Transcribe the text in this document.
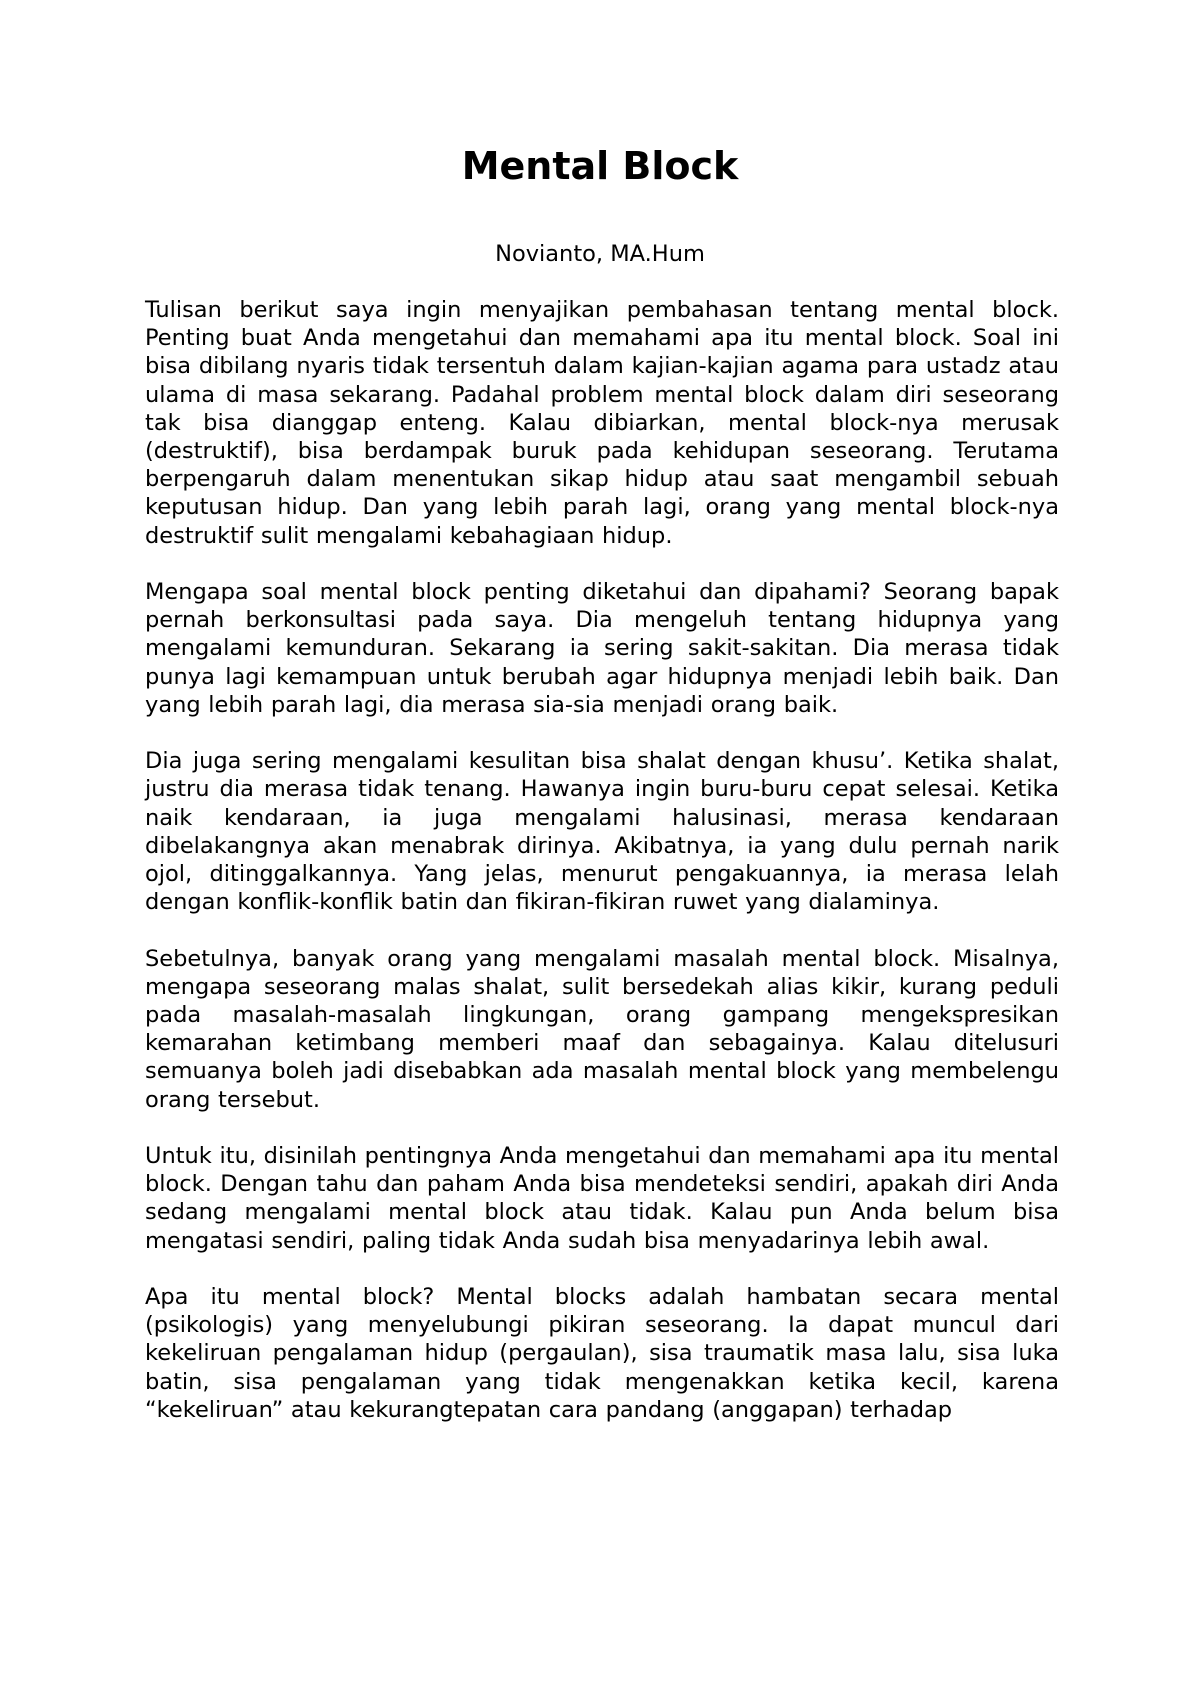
Mental Block

Novianto, MA.Hum

Tulisan berikut saya ingin menyajikan pembahasan tentang mental block. Penting buat Anda mengetahui dan memahami apa itu mental block. Soal ini bisa dibilang nyaris tidak tersentuh dalam kajian-kajian agama para ustadz atau ulama di masa sekarang. Padahal problem mental block dalam diri seseorang tak bisa dianggap enteng. Kalau dibiarkan, mental block-nya merusak (destruktif), bisa berdampak buruk pada kehidupan seseorang. Terutama berpengaruh dalam menentukan sikap hidup atau saat mengambil sebuah keputusan hidup. Dan yang lebih parah lagi, orang yang mental block-nya destruktif sulit mengalami kebahagiaan hidup.

Mengapa soal mental block penting diketahui dan dipahami? Seorang bapak pernah berkonsultasi pada saya. Dia mengeluh tentang hidupnya yang mengalami kemunduran. Sekarang ia sering sakit-sakitan. Dia merasa tidak punya lagi kemampuan untuk berubah agar hidupnya menjadi lebih baik. Dan yang lebih parah lagi, dia merasa sia-sia menjadi orang baik.

Dia juga sering mengalami kesulitan bisa shalat dengan khusu’. Ketika shalat, justru dia merasa tidak tenang. Hawanya ingin buru-buru cepat selesai. Ketika naik kendaraan, ia juga mengalami halusinasi, merasa kendaraan dibelakangnya akan menabrak dirinya. Akibatnya, ia yang dulu pernah narik ojol, ditinggalkannya. Yang jelas, menurut pengakuannya, ia merasa lelah dengan konflik-konflik batin dan fikiran-fikiran ruwet yang dialaminya.

Sebetulnya, banyak orang yang mengalami masalah mental block. Misalnya, mengapa seseorang malas shalat, sulit bersedekah alias kikir, kurang peduli pada masalah-masalah lingkungan, orang gampang mengekspresikan kemarahan ketimbang memberi maaf dan sebagainya. Kalau ditelusuri semuanya boleh jadi disebabkan ada masalah mental block yang membelengu orang tersebut.

Untuk itu, disinilah pentingnya Anda mengetahui dan memahami apa itu mental block. Dengan tahu dan paham Anda bisa mendeteksi sendiri, apakah diri Anda sedang mengalami mental block atau tidak. Kalau pun Anda belum bisa mengatasi sendiri, paling tidak Anda sudah bisa menyadarinya lebih awal.

Apa itu mental block? Mental blocks adalah hambatan secara mental (psikologis) yang menyelubungi pikiran seseorang. Ia dapat muncul dari kekeliruan pengalaman hidup (pergaulan), sisa traumatik masa lalu, sisa luka batin, sisa pengalaman yang tidak mengenakkan ketika kecil, karena “kekeliruan” atau kekurangtepatan cara pandang (anggapan) terhadap
